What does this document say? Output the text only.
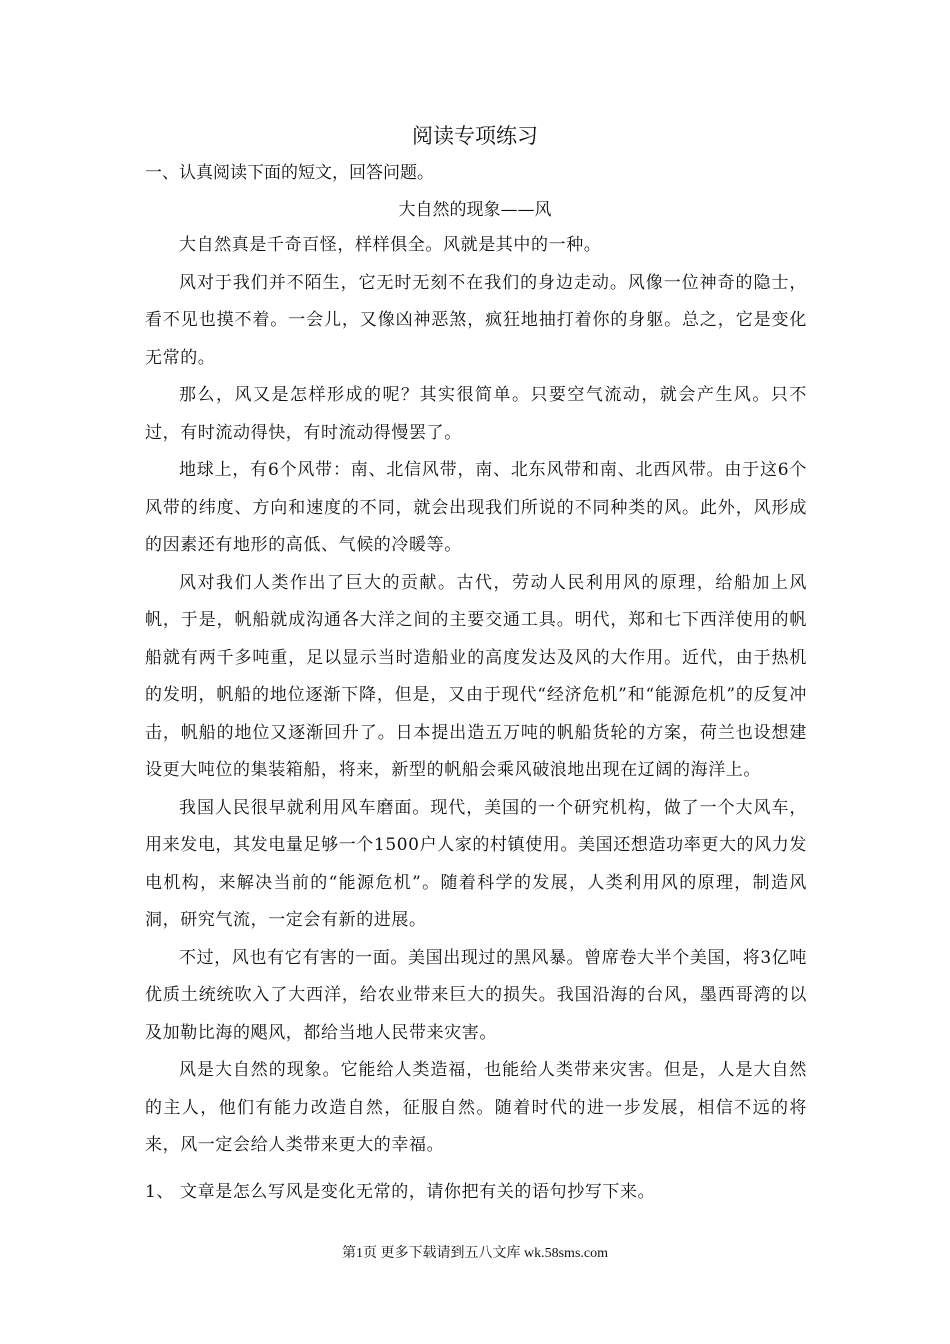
阅读专项练习
一、认真阅读下面的短文，回答问题。
大自然的现象——风

大自然真是千奇百怪，样样俱全。风就是其中的一种。

风对于我们并不陌生，它无时无刻不在我们的身边走动。风像一位神奇的隐士，看不见也摸不着。一会儿，又像凶神恶煞，疯狂地抽打着你的身躯。总之，它是变化无常的。

那么，风又是怎样形成的呢？其实很简单。只要空气流动，就会产生风。只不过，有时流动得快，有时流动得慢罢了。

地球上，有6个风带：南、北信风带，南、北东风带和南、北西风带。由于这6个风带的纬度、方向和速度的不同，就会出现我们所说的不同种类的风。此外，风形成的因素还有地形的高低、气候的冷暖等。

风对我们人类作出了巨大的贡献。古代，劳动人民利用风的原理，给船加上风帆，于是，帆船就成沟通各大洋之间的主要交通工具。明代，郑和七下西洋使用的帆船就有两千多吨重，足以显示当时造船业的高度发达及风的大作用。近代，由于热机的发明，帆船的地位逐渐下降，但是，又由于现代“经济危机”和“能源危机”的反复冲击，帆船的地位又逐渐回升了。日本提出造五万吨的帆船货轮的方案，荷兰也设想建设更大吨位的集装箱船，将来，新型的帆船会乘风破浪地出现在辽阔的海洋上。

我国人民很早就利用风车磨面。现代，美国的一个研究机构，做了一个大风车，用来发电，其发电量足够一个1500户人家的村镇使用。美国还想造功率更大的风力发电机构，来解决当前的“能源危机”。随着科学的发展，人类利用风的原理，制造风洞，研究气流，一定会有新的进展。

不过，风也有它有害的一面。美国出现过的黑风暴。曾席卷大半个美国，将3亿吨优质土统统吹入了大西洋，给农业带来巨大的损失。我国沿海的台风，墨西哥湾的以及加勒比海的飓风，都给当地人民带来灾害。

风是大自然的现象。它能给人类造福，也能给人类带来灾害。但是，人是大自然的主人，他们有能力改造自然，征服自然。随着时代的进一步发展，相信不远的将来，风一定会给人类带来更大的幸福。

1、 文章是怎么写风是变化无常的，请你把有关的语句抄写下来。
第1页 更多下载请到五八文库 wk.58sms.com
